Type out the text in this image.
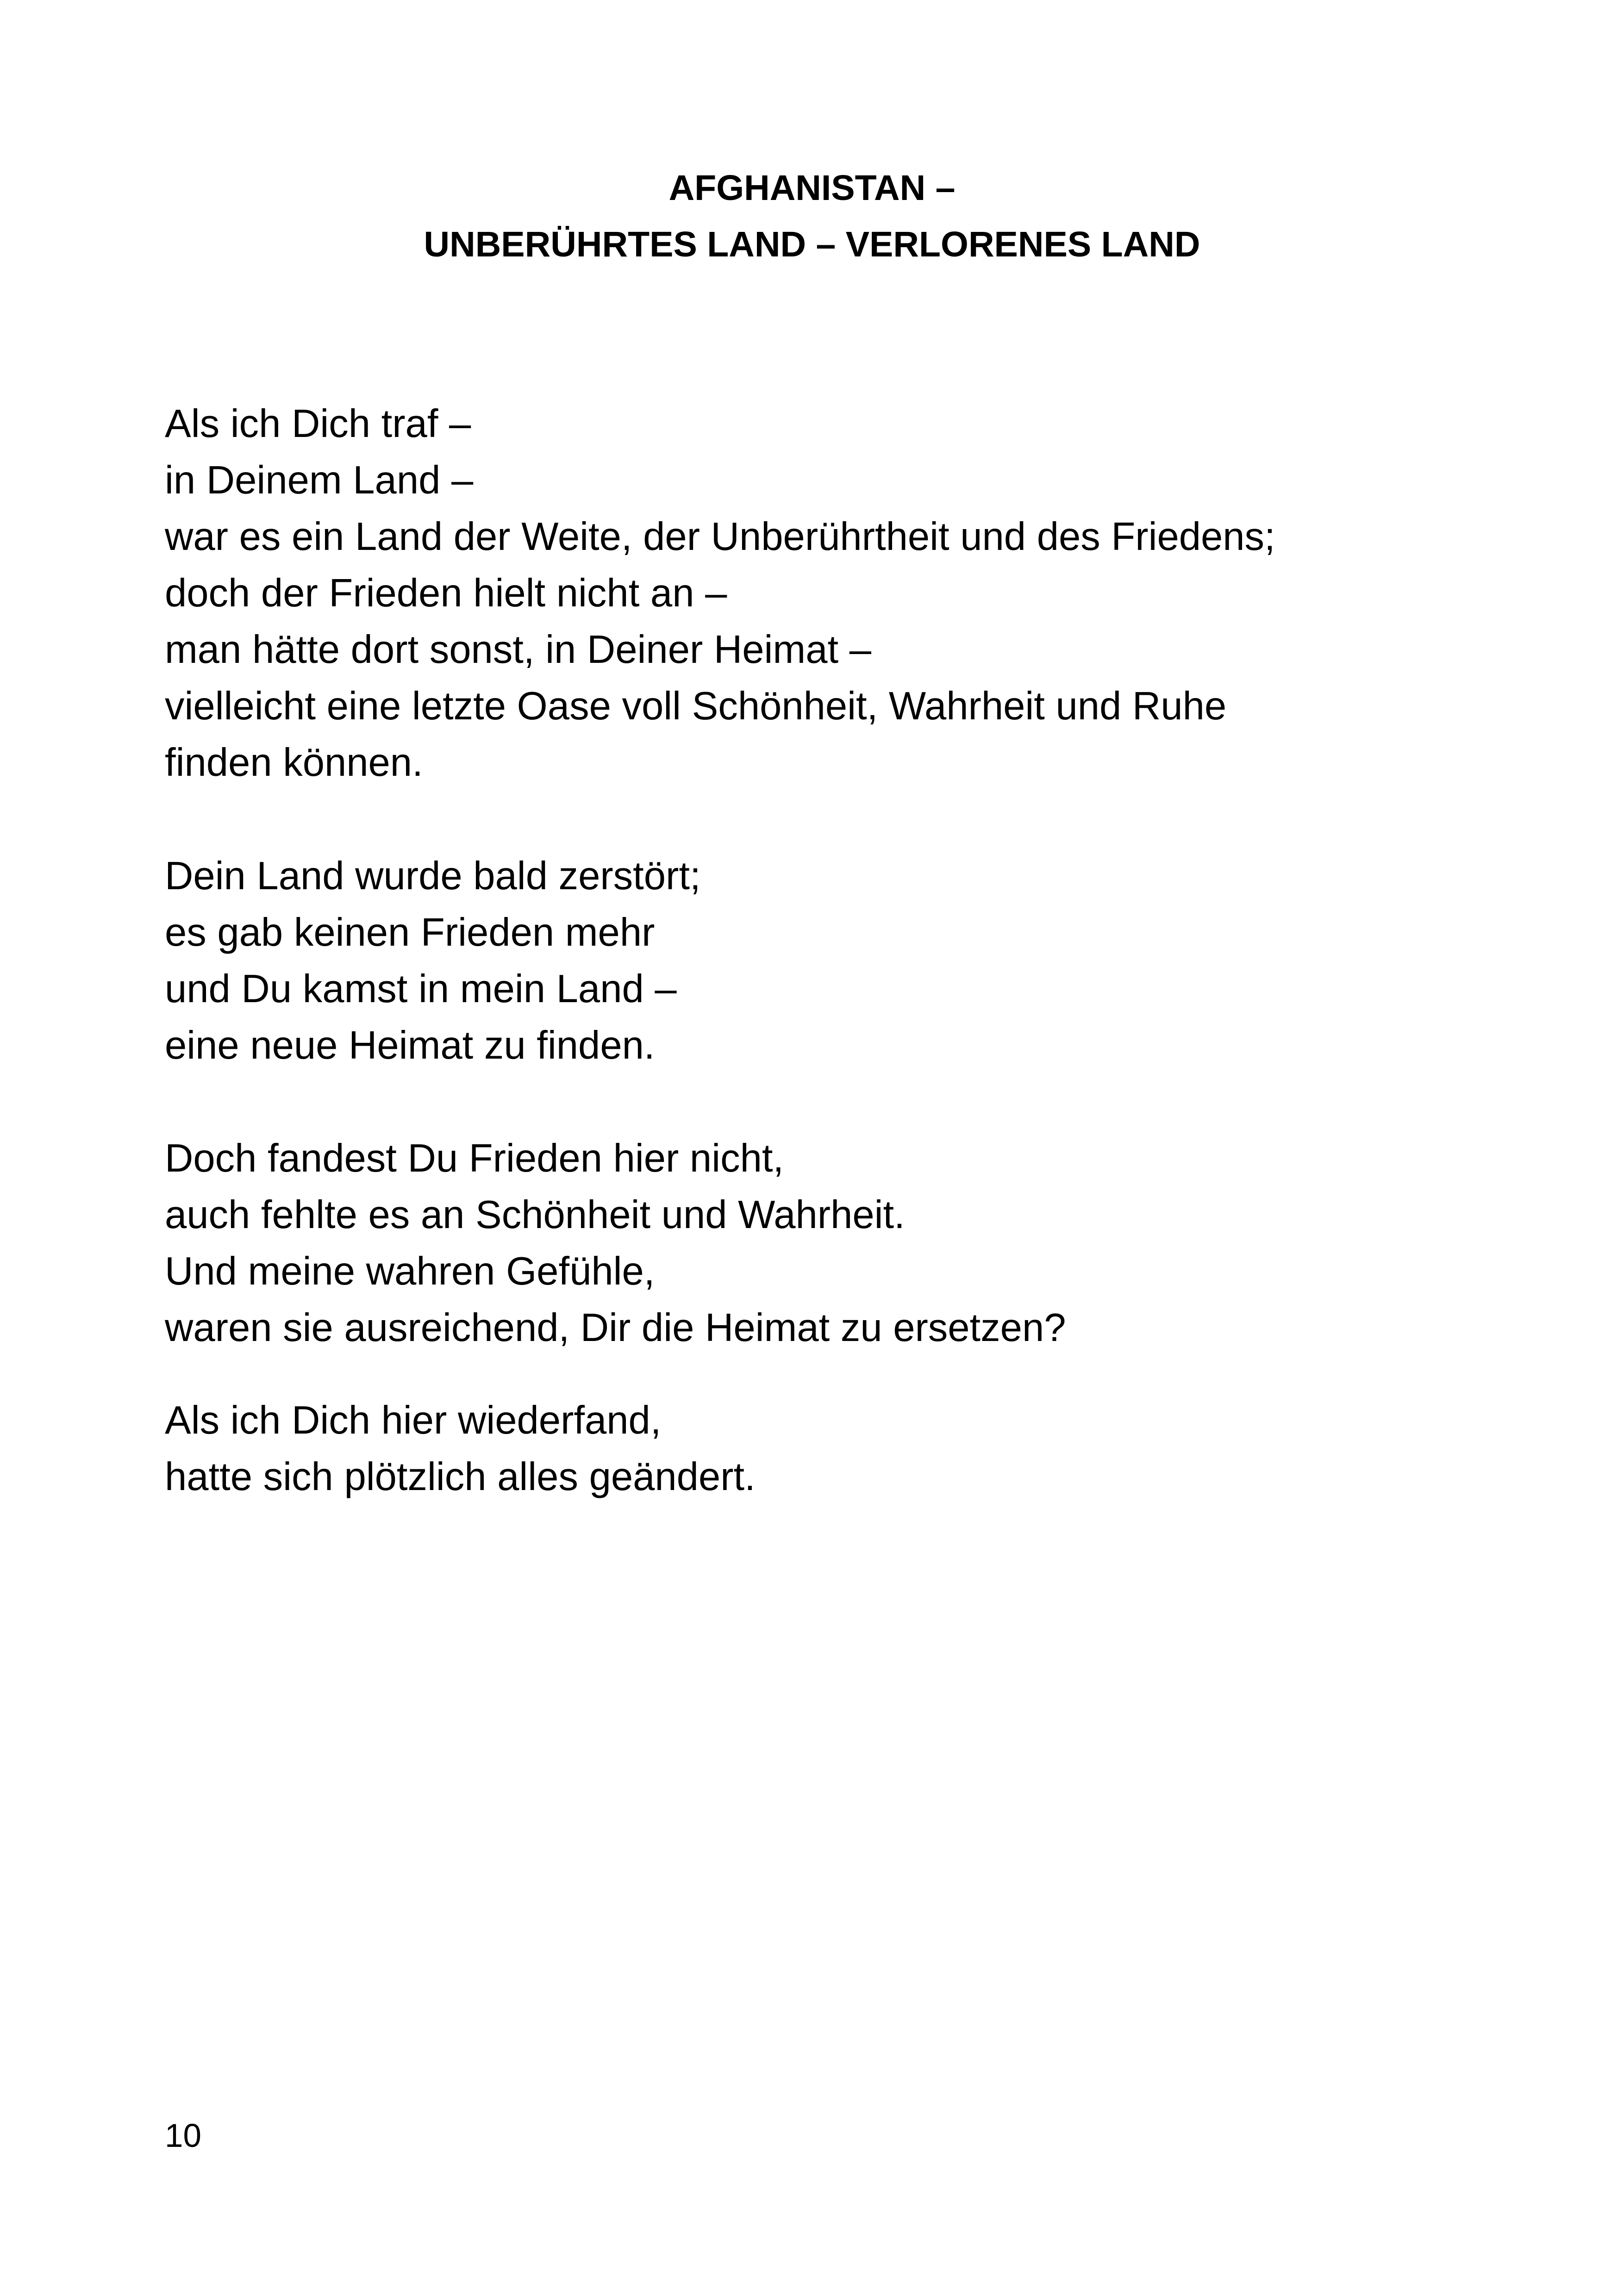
AFGHANISTAN –
UNBERÜHRTES LAND – VERLORENES LAND
Als ich Dich traf –
in Deinem Land –
war es ein Land der Weite, der Unberührtheit und des Friedens;
doch der Frieden hielt nicht an –
man hätte dort sonst, in Deiner Heimat –
vielleicht eine letzte Oase voll Schönheit, Wahrheit und Ruhe
finden können.
Dein Land wurde bald zerstört;
es gab keinen Frieden mehr
und Du kamst in mein Land –
eine neue Heimat zu finden.
Doch fandest Du Frieden hier nicht,
auch fehlte es an Schönheit und Wahrheit.
Und meine wahren Gefühle,
waren sie ausreichend, Dir die Heimat zu ersetzen?
Als ich Dich hier wiederfand,
hatte sich plötzlich alles geändert.
10
